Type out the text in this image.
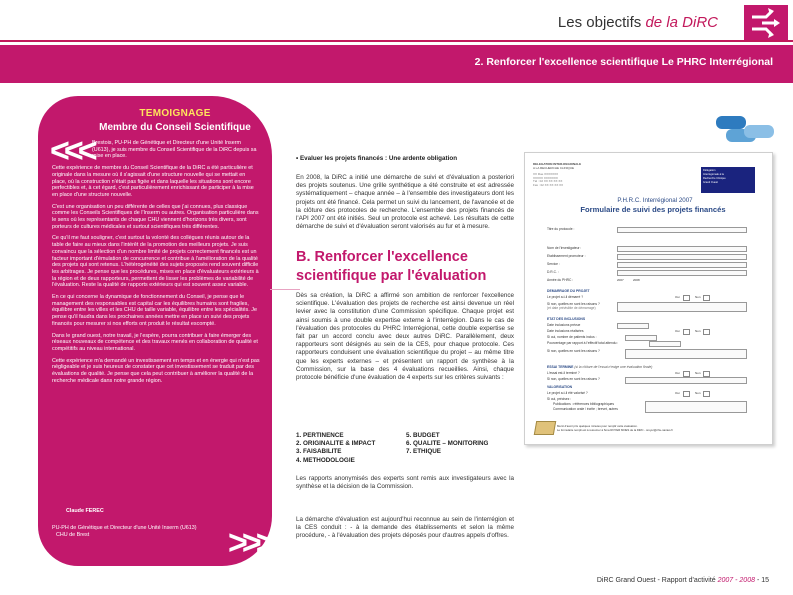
Les objectifs de la DiRC
2. Renforcer l'excellence scientifique Le PHRC Interrégional
TEMOIGNAGE
Membre du Conseil Scientifique
<<< Brestois, PU-PH de Génétique et Directeur d'une Unité Inserm (U613), je suis membre du Conseil Scientifique de la DiRC depuis sa mise en place.

Cette expérience de membre du Conseil Scientifique de la DiRC a été particulière et originale dans la mesure où il s'agissait d'une structure nouvelle qui se mettait en place, où la construction n'était pas figée et dans laquelle les situations sont encore perfectibles et, à cet égard, c'est particulièrement enrichissant de participer à la mise en place d'une structure nouvelle.

C'est une organisation un peu différente de celles que j'ai connues, plus classique comme les Conseils Scientifiques de l'Inserm ou autres. Organisation particulière dans le sens où les représentants de chaque CHU viennent d'horizons très divers, sont porteurs de cultures médicales et surtout scientifiques très différentes.

Ce qu'il me faut souligner, c'est surtout la volonté des collègues réunis autour de la table de faire au mieux dans l'intérêt de la promotion des meilleurs projets. Je suis convaincu que la sélection d'un nombre limité de projets correctement financés est un facteur important d'émulation de concurrence et contribue à l'amélioration de la qualité des projets qui sont retenus. L'hétérogénéité des sujets proposés rend souvent difficile les arbitrages. Je pense que les procédures, mises en place d'évaluateurs extérieurs à la région et de deux rapporteurs, permettent de lisser les problèmes de variabilité de l'évaluation. Reste la qualité de rapports extérieurs qui est souvent assez variable.

En ce qui concerne la dynamique de fonctionnement du Conseil, je pense que le management des responsables est capital car les équilibres humains sont fragiles, équilibre entre les villes et les CHU de taille variable, équilibre entre les spécialités. Je pense qu'il faudra dans les prochaines années mettre en place un suivi des projets financés pour mesurer si nos efforts ont produit le résultat escompté.

Dans le grand ouest, notre travail, je l'espère, pourra contribuer à faire émerger des réseaux nouveaux de compétence et des travaux menés en collaboration de qualité et compétitifs au niveau international.

Cette expérience m'a demandé un investissement en temps et en énergie qui n'est pas négligeable et je suis heureux de constater que cet investissement se traduit par des évaluations de qualité. Je pense que cela peut contribuer à améliorer la qualité de la recherche médicale dans notre grande région.

Claude FEREC
PU-PH de Génétique et Directeur d'une Unité Inserm (U613)
CHU de Brest	>>>
• Evaluer les projets financés : Une ardente obligation
En 2008, la DiRC a initié une démarche de suivi et d'évaluation a posteriori des projets soutenus. Une grille synthétique a été construite et est adressée systématiquement – chaque année – à l'ensemble des investigateurs dont les projets ont été financé. Cela permet un suivi du lancement, de l'avancée et de la clôture des protocoles de recherche. L'ensemble des projets financés de l'API 2007 ont été initiés. Seul un protocole est achevé. Les résultats de cette démarche de suivi et d'évaluation seront valorisés au fur et à mesure.
B. Renforcer l'excellence scientifique par l'évaluation
Dès sa création, la DiRC a affirmé son ambition de renforcer l'excellence scientifique. L'évaluation des projets de recherche est ainsi devenue un réel levier avec la constitution d'une Commission spécifique. Chaque projet est ainsi soumis à une double expertise externe à l'interrégion. Dans le cas de l'évaluation des protocoles du PHRC Interrégional, cette double expertise se fait par un accord conclu avec deux autres DiRC. Parallèlement, deux rapporteurs sont désignés au sein de la CES, pour chaque protocole. Ces rapporteurs conduisent une évaluation scientifique du projet – au même titre que les experts externes – et présentent un rapport de synthèse à la Commission, sur la base des 4 évaluations recueillies. Ainsi, chaque protocole bénéficie d'une évaluation de 4 experts sur les critères suivants :
1. PERTINENCE	5. BUDGET
2. ORIGINALITE & IMPACT	6. QUALITE – MONITORING
3. FAISABILITE	7. ETHIQUE
4. METHODOLOGIE
Les rapports anonymisés des experts sont remis aux investigateurs avec la synthèse et la décision de la Commission.
La démarche d'évaluation est aujourd'hui reconnue au sein de l'interrégion et la CES conduit : - à la demande des établissements et selon la même procédure, - à l'évaluation des projets déposés pour d'autres appels d'offres.
DELEGATION INTER-REGIONALE
A LA RECHERCHE CLINIQUE
XX Rue XXXXXXX
XXXXX XXXXXXX
Tél : 02 XX XX XX XX
Fax : 02 XX XX XX XX
Délégation
Interrégionale à la
Recherche Clinique
Grand Ouest
P.H.R.C. Interrégional 2007
Formulaire de suivi des projets financés
Titre du protocole :
Nom de l'investigateur :
Etablissement promoteur :
Service :
D.R.C. :
Année du PHRC :	2007	2008
DEMARRAGE DU PROJET
Le projet a-t-il démarré ?	Oui	Non
Si non, quelles en sont les raisons ?
(et date prévisible de démarrage)
ETAT DES INCLUSIONS
Date inclusions prévue
Date inclusions réalisées	Oui	Non
Si oui, nombre de patients inclus :
Pourcentage par rapport à l'effectif total attendu :
Si non, quelles en sont les raisons ?
ESSAI TERMINE (si la clôture de l'essai n'exige une évaluation finale)
L'essai est-il terminé ?	Oui	Non
Si non, quelles en sont les raisons ?
VALORISATION
Le projet a-t-il été valorisé ?	Oui	Non
Si oui, précisez :
Publications : références bibliographiques
Communication orale / écrite ; brevet, autres
Merci d'avoir pris quelques minutes pour remplir cette évaluation.
Le formulaire rempli est à retourner à Sma ROYER MOES de la DiRC - sroyer@chu-nantes.fr
DiRC Grand Ouest - Rapport d'activité 2007 - 2008 - 15
